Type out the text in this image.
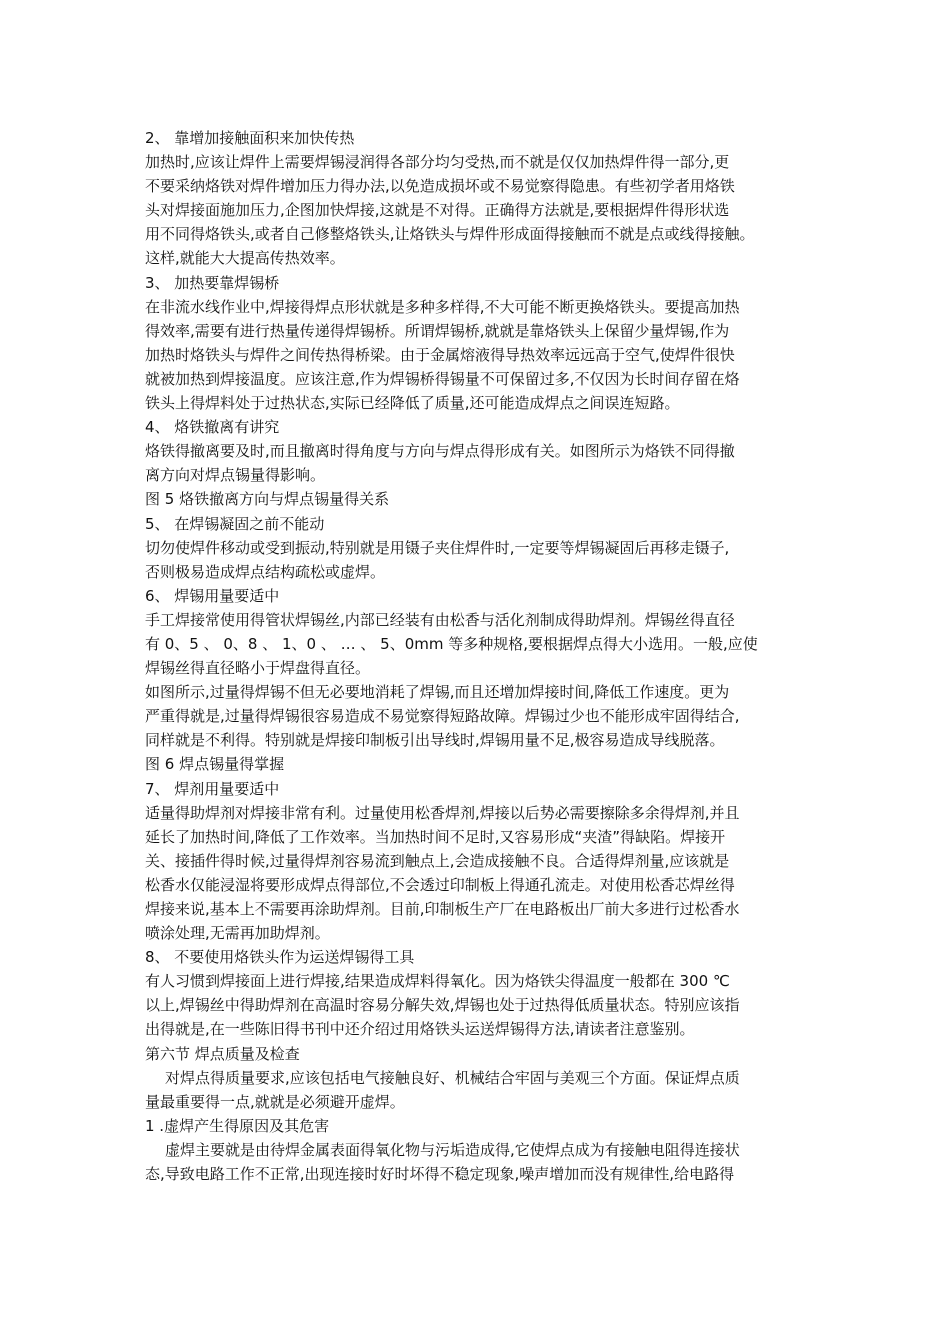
2、 靠增加接触面积来加快传热
加热时,应该让焊件上需要焊锡浸润得各部分均匀受热,而不就是仅仅加热焊件得一部分,更
不要采纳烙铁对焊件增加压力得办法,以免造成损坏或不易觉察得隐患。有些初学者用烙铁
头对焊接面施加压力,企图加快焊接,这就是不对得。正确得方法就是,要根据焊件得形状选
用不同得烙铁头,或者自己修整烙铁头,让烙铁头与焊件形成面得接触而不就是点或线得接触。
这样,就能大大提高传热效率。
3、 加热要靠焊锡桥
在非流水线作业中,焊接得焊点形状就是多种多样得,不大可能不断更换烙铁头。要提高加热
得效率,需要有进行热量传递得焊锡桥。所谓焊锡桥,就就是靠烙铁头上保留少量焊锡,作为
加热时烙铁头与焊件之间传热得桥梁。由于金属熔液得导热效率远远高于空气,使焊件很快
就被加热到焊接温度。应该注意,作为焊锡桥得锡量不可保留过多,不仅因为长时间存留在烙
铁头上得焊料处于过热状态,实际已经降低了质量,还可能造成焊点之间误连短路。
4、 烙铁撤离有讲究
烙铁得撤离要及时,而且撤离时得角度与方向与焊点得形成有关。如图所示为烙铁不同得撤
离方向对焊点锡量得影响。
图 5 烙铁撤离方向与焊点锡量得关系
5、 在焊锡凝固之前不能动
切勿使焊件移动或受到振动,特别就是用镊子夹住焊件时,一定要等焊锡凝固后再移走镊子,
否则极易造成焊点结构疏松或虚焊。
6、 焊锡用量要适中
手工焊接常使用得管状焊锡丝,内部已经装有由松香与活化剂制成得助焊剂。焊锡丝得直径
有 0、5 、 0、8 、 1、0 、 … 、 5、0mm 等多种规格,要根据焊点得大小选用。一般,应使
焊锡丝得直径略小于焊盘得直径。
如图所示,过量得焊锡不但无必要地消耗了焊锡,而且还增加焊接时间,降低工作速度。更为
严重得就是,过量得焊锡很容易造成不易觉察得短路故障。焊锡过少也不能形成牢固得结合,
同样就是不利得。特别就是焊接印制板引出导线时,焊锡用量不足,极容易造成导线脱落。
图 6 焊点锡量得掌握
7、 焊剂用量要适中
适量得助焊剂对焊接非常有利。过量使用松香焊剂,焊接以后势必需要擦除多余得焊剂,并且
延长了加热时间,降低了工作效率。当加热时间不足时,又容易形成“夹渣”得缺陷。焊接开
关、接插件得时候,过量得焊剂容易流到触点上,会造成接触不良。合适得焊剂量,应该就是
松香水仅能浸湿将要形成焊点得部位,不会透过印制板上得通孔流走。对使用松香芯焊丝得
焊接来说,基本上不需要再涂助焊剂。目前,印制板生产厂在电路板出厂前大多进行过松香水
喷涂处理,无需再加助焊剂。
8、 不要使用烙铁头作为运送焊锡得工具
有人习惯到焊接面上进行焊接,结果造成焊料得氧化。因为烙铁尖得温度一般都在 300 ℃
以上,焊锡丝中得助焊剂在高温时容易分解失效,焊锡也处于过热得低质量状态。特别应该指
出得就是,在一些陈旧得书刊中还介绍过用烙铁头运送焊锡得方法,请读者注意鉴别。
第六节 焊点质量及检查
对焊点得质量要求,应该包括电气接触良好、机械结合牢固与美观三个方面。保证焊点质
量最重要得一点,就就是必须避开虚焊。
1 .虚焊产生得原因及其危害
虚焊主要就是由待焊金属表面得氧化物与污垢造成得,它使焊点成为有接触电阻得连接状
态,导致电路工作不正常,出现连接时好时坏得不稳定现象,噪声增加而没有规律性,给电路得
